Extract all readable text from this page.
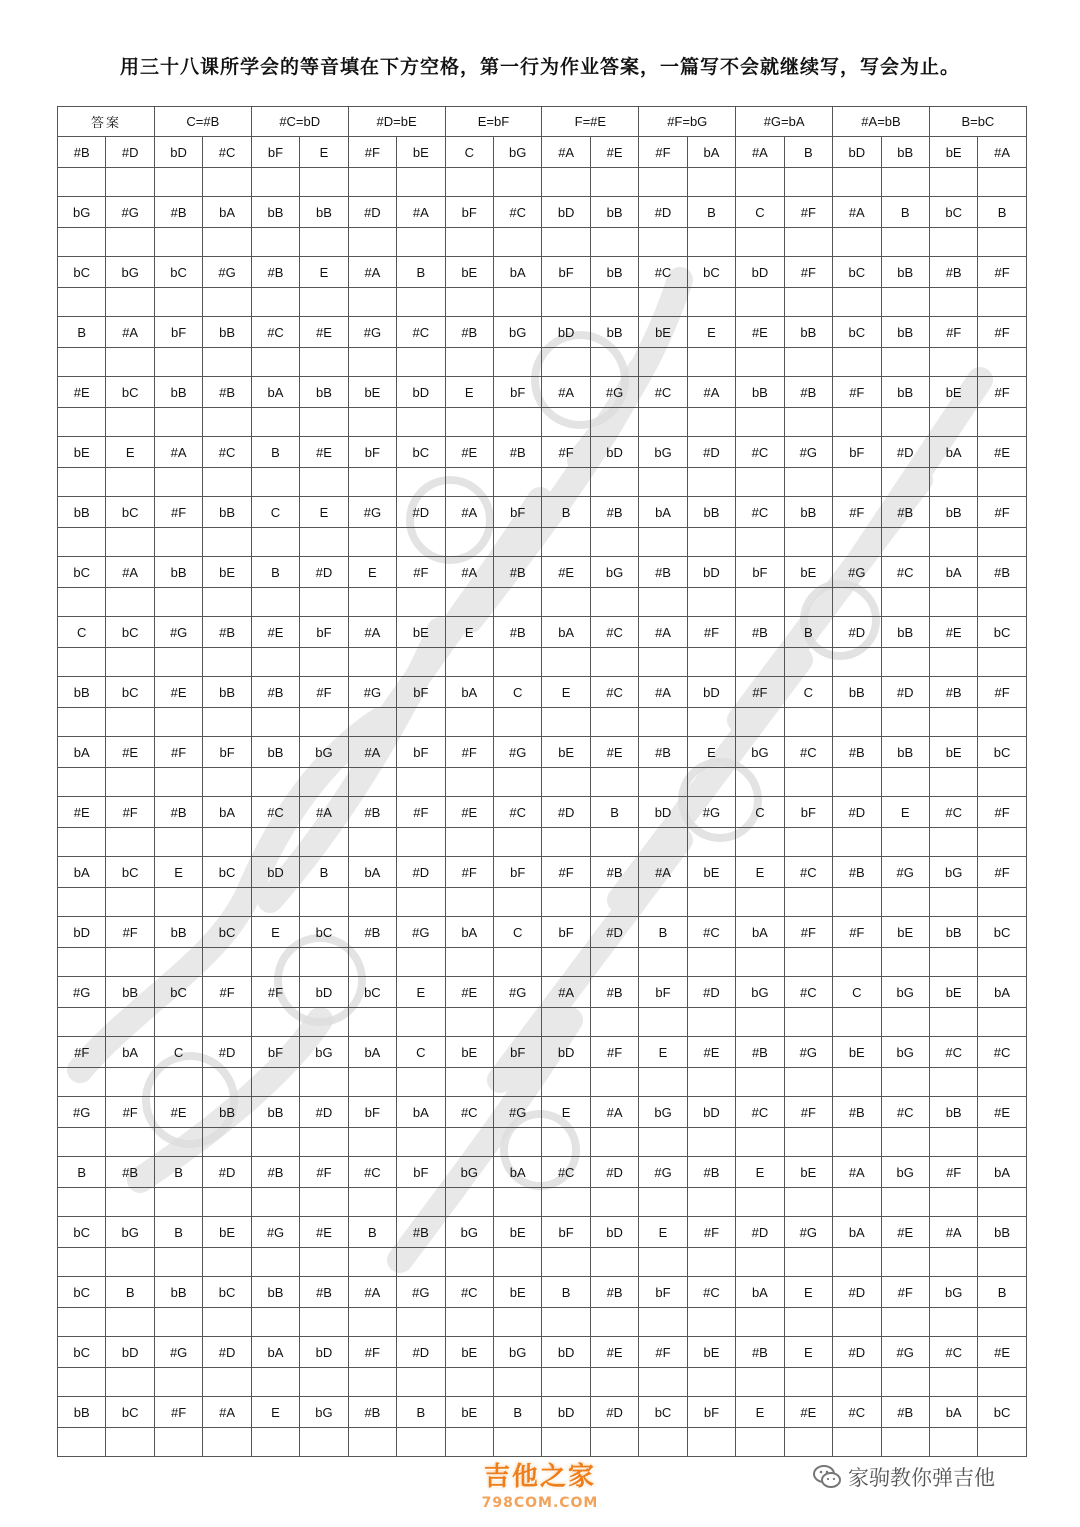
用三十八课所学会的等音填在下方空格，第一行为作业答案，一篇写不会就继续写，写会为止。
答案		C=#B		#C=bD		#D=bE		E=bF		F=#E		#F=bG		#G=bA		#A=bB		B=bC	
#B	#D	bD	#C	bF	E	#F	bE	C	bG	#A	#E	#F	bA	#A	B	bD	bB	bE	#A

bG	#G	#B	bA	bB	bB	#D	#A	bF	#C	bD	bB	#D	B	C	#F	#A	B	bC	B

bC	bG	bC	#G	#B	E	#A	B	bE	bA	bF	bB	#C	bC	bD	#F	bC	bB	#B	#F

B	#A	bF	bB	#C	#E	#G	#C	#B	bG	bD	bB	bE	E	#E	bB	bC	bB	#F	#F

#E	bC	bB	#B	bA	bB	bE	bD	E	bF	#A	#G	#C	#A	bB	#B	#F	bB	bE	#F

bE	E	#A	#C	B	#E	bF	bC	#E	#B	#F	bD	bG	#D	#C	#G	bF	#D	bA	#E

bB	bC	#F	bB	C	E	#G	#D	#A	bF	B	#B	bA	bB	#C	bB	#F	#B	bB	#F

bC	#A	bB	bE	B	#D	E	#F	#A	#B	#E	bG	#B	bD	bF	bE	#G	#C	bA	#B

C	bC	#G	#B	#E	bF	#A	bE	E	#B	bA	#C	#A	#F	#B	B	#D	bB	#E	bC

bB	bC	#E	bB	#B	#F	#G	bF	bA	C	E	#C	#A	bD	#F	C	bB	#D	#B	#F

bA	#E	#F	bF	bB	bG	#A	bF	#F	#G	bE	#E	#B	E	bG	#C	#B	bB	bE	bC

#E	#F	#B	bA	#C	#A	#B	#F	#E	#C	#D	B	bD	#G	C	bF	#D	E	#C	#F

bA	bC	E	bC	bD	B	bA	#D	#F	bF	#F	#B	#A	bE	E	#C	#B	#G	bG	#F

bD	#F	bB	bC	E	bC	#B	#G	bA	C	bF	#D	B	#C	bA	#F	#F	bE	bB	bC

#G	bB	bC	#F	#F	bD	bC	E	#E	#G	#A	#B	bF	#D	bG	#C	C	bG	bE	bA

#F	bA	C	#D	bF	bG	bA	C	bE	bF	bD	#F	E	#E	#B	#G	bE	bG	#C	#C

#G	#F	#E	bB	bB	#D	bF	bA	#C	#G	E	#A	bG	bD	#C	#F	#B	#C	bB	#E

B	#B	B	#D	#B	#F	#C	bF	bG	bA	#C	#D	#G	#B	E	bE	#A	bG	#F	bA

bC	bG	B	bE	#G	#E	B	#B	bG	bE	bF	bD	E	#F	#D	#G	bA	#E	#A	bB

bC	B	bB	bC	bB	#B	#A	#G	#C	bE	B	#B	bF	#C	bA	E	#D	#F	bG	B

bC	bD	#G	#D	bA	bD	#F	#D	bE	bG	bD	#E	#F	bE	#B	E	#D	#G	#C	#E

bB	bC	#F	#A	E	bG	#B	B	bE	B	bD	#D	bC	bF	E	#E	#C	#B	bA	bC

吉他之家
798COM.COM
家驹教你弹吉他
